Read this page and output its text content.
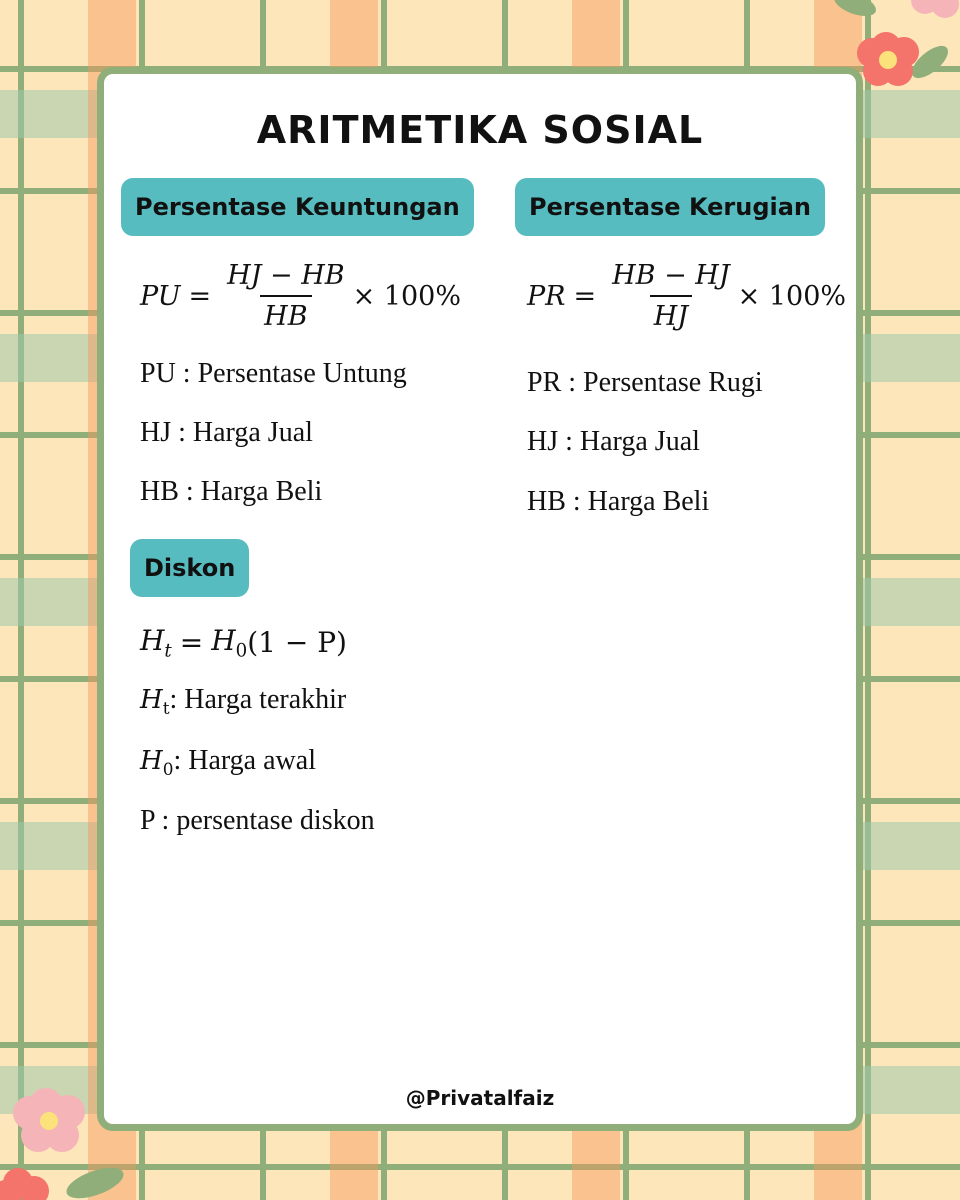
ARITMETIKA SOSIAL
Persentase Keuntungan
PU = $\frac{HJ - HB}{HB} \times 100\%$
PU : Persentase Untung
HJ : Harga Jual
HB : Harga Beli
Persentase Kerugian
PR = $\frac{HB - HJ}{HJ} \times 100\%$
PR : Persentase Rugi
HJ : Harga Jual
HB : Harga Beli
Diskon
$H_t = H_0$ (1 − P)
$H_t$: Harga terakhir
$H_0$: Harga awal
P : persentase diskon
@Privatalfaiz
